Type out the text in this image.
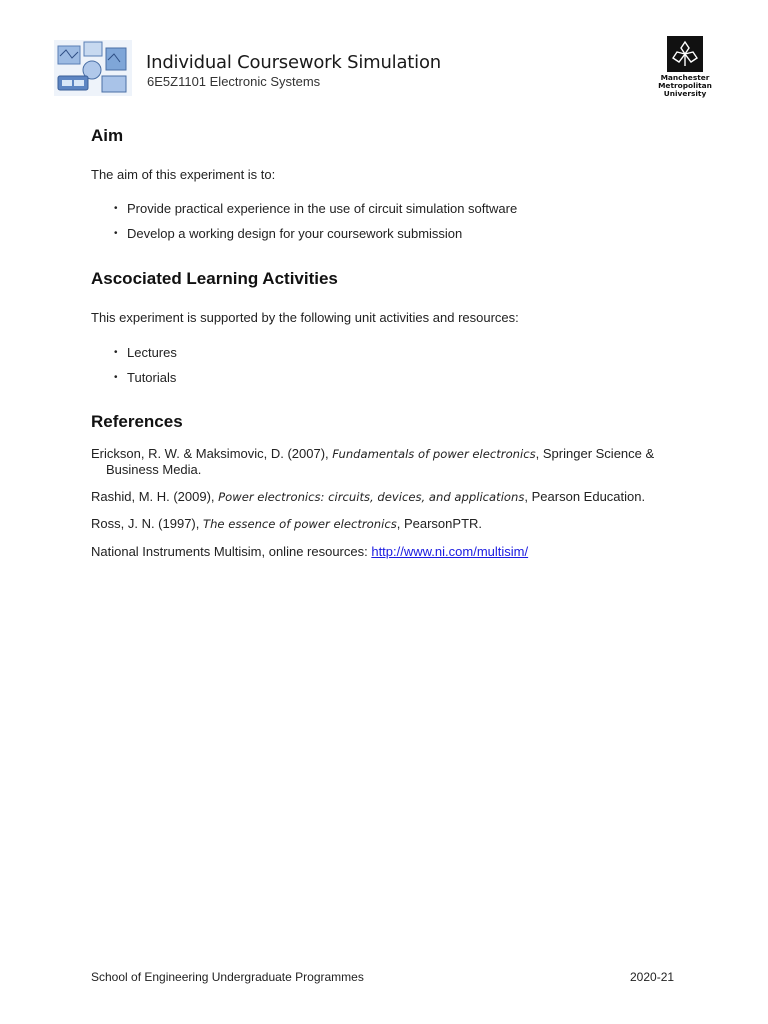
Individual Coursework Simulation
6E5Z1101 Electronic Systems	Manchester
Metropolitan
University
Aim

The aim of this experiment is to:

• Provide practical experience in the use of circuit simulation software
• Develop a working design for your coursework submission
Ascociated Learning Activities

This experiment is supported by the following unit activities and resources:

• Lectures
• Tutorials
References
Erickson, R. W. & Maksimovic, D. (2007), Fundamentals of power electronics, Springer Science & Business Media.
Rashid, M. H. (2009), Power electronics: circuits, devices, and applications, Pearson Education.
Ross, J. N. (1997), The essence of power electronics, PearsonPTR.
National Instruments Multisim, online resources: http://www.ni.com/multisim/
School of Engineering Undergraduate Programmes	2020-21
